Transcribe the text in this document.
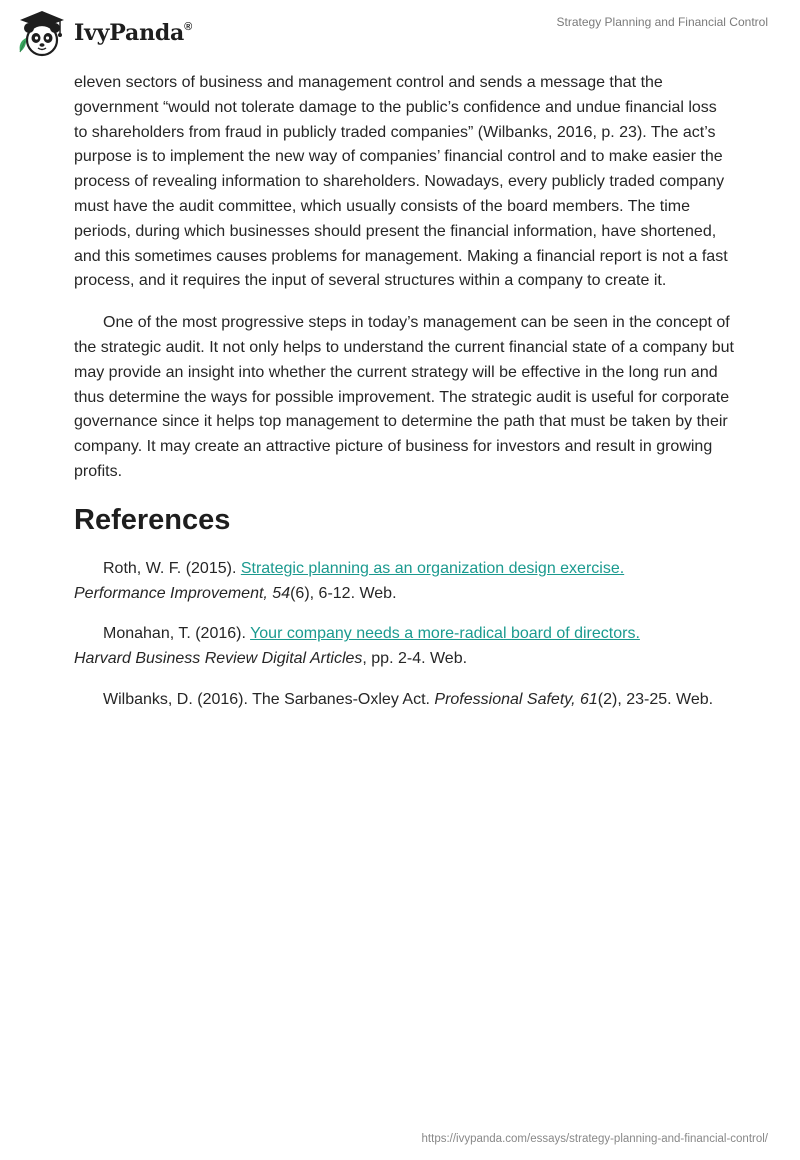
IvyPanda®	Strategy Planning and Financial Control

eleven sectors of business and management control and sends a message that the government “would not tolerate damage to the public’s confidence and undue financial loss to shareholders from fraud in publicly traded companies” (Wilbanks, 2016, p. 23). The act’s purpose is to implement the new way of companies’ financial control and to make easier the process of revealing information to shareholders. Nowadays, every publicly traded company must have the audit committee, which usually consists of the board members. The time periods, during which businesses should present the financial information, have shortened, and this sometimes causes problems for management. Making a financial report is not a fast process, and it requires the input of several structures within a company to create it.

One of the most progressive steps in today’s management can be seen in the concept of the strategic audit. It not only helps to understand the current financial state of a company but may provide an insight into whether the current strategy will be effective in the long run and thus determine the ways for possible improvement. The strategic audit is useful for corporate governance since it helps top management to determine the path that must be taken by their company. It may create an attractive picture of business for investors and result in growing profits.

References

Roth, W. F. (2015). Strategic planning as an organization design exercise.
Performance Improvement, 54(6), 6-12. Web.

Monahan, T. (2016). Your company needs a more-radical board of directors.
Harvard Business Review Digital Articles, pp. 2-4. Web.

Wilbanks, D. (2016). The Sarbanes-Oxley Act. Professional Safety, 61(2), 23-25. Web.

https://ivypanda.com/essays/strategy-planning-and-financial-control/
